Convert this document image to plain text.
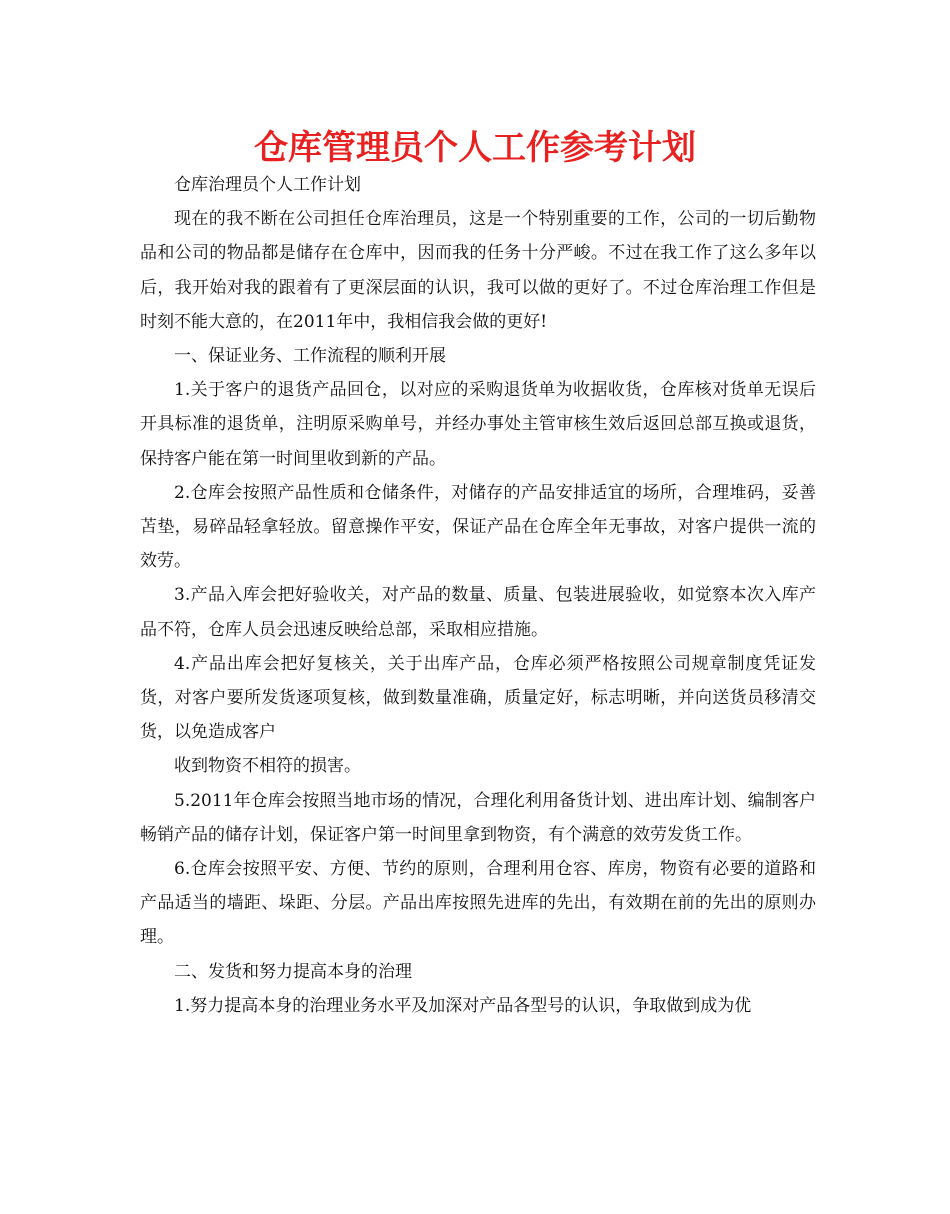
仓库管理员个人工作参考计划

仓库治理员个人工作计划

现在的我不断在公司担任仓库治理员，这是一个特别重要的工作，公司的一切后勤物品和公司的物品都是储存在仓库中，因而我的任务十分严峻。不过在我工作了这么多年以后，我开始对我的跟着有了更深层面的认识，我可以做的更好了。不过仓库治理工作但是时刻不能大意的，在2011年中，我相信我会做的更好!

一、保证业务、工作流程的顺利开展

1.关于客户的退货产品回仓，以对应的采购退货单为收据收货，仓库核对货单无误后开具标准的退货单，注明原采购单号，并经办事处主管审核生效后返回总部互换或退货，保持客户能在第一时间里收到新的产品。

2.仓库会按照产品性质和仓储条件，对储存的产品安排适宜的场所，合理堆码，妥善苫垫，易碎品轻拿轻放。留意操作平安，保证产品在仓库全年无事故，对客户提供一流的效劳。

3.产品入库会把好验收关，对产品的数量、质量、包装进展验收，如觉察本次入库产品不符，仓库人员会迅速反映给总部，采取相应措施。

4.产品出库会把好复核关，关于出库产品，仓库必须严格按照公司规章制度凭证发货，对客户要所发货逐项复核，做到数量准确，质量定好，标志明晰，并向送货员移清交货，以免造成客户

收到物资不相符的损害。

5.2011年仓库会按照当地市场的情况，合理化利用备货计划、进出库计划、编制客户畅销产品的储存计划，保证客户第一时间里拿到物资，有个满意的效劳发货工作。

6.仓库会按照平安、方便、节约的原则，合理利用仓容、库房，物资有必要的道路和产品适当的墙距、垛距、分层。产品出库按照先进库的先出，有效期在前的先出的原则办理。

二、发货和努力提高本身的治理

1.努力提高本身的治理业务水平及加深对产品各型号的认识，争取做到成为优
